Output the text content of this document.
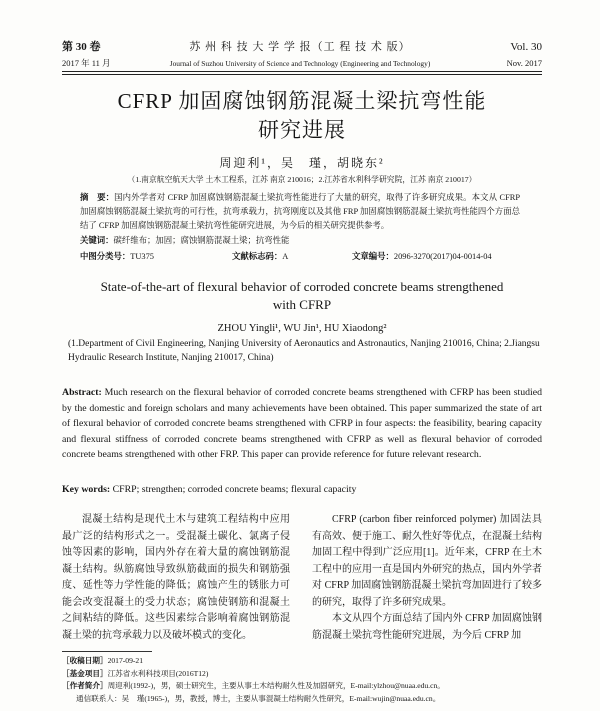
第 30 卷
2017 年 11 月
苏 州 科 技 大 学 学 报（工 程 技 术 版）
Journal of Suzhou University of Science and Technology (Engineering and Technology)
Vol. 30
Nov. 2017
CFRP 加固腐蚀钢筋混凝土梁抗弯性能
研究进展
周迎利¹，吴　瑾，胡晓东²
（1.南京航空航天大学 土木工程系，江苏 南京 210016；2.江苏省水利科学研究院，江苏 南京 210017）
摘　要：国内外学者对 CFRP 加固腐蚀钢筋混凝土梁抗弯性能进行了大量的研究，取得了许多研究成果。本文从 CFRP 加固腐蚀钢筋混凝土梁抗弯的可行性，抗弯承载力，抗弯刚度以及其他 FRP 加固腐蚀钢筋混凝土梁抗弯性能四个方面总结了 CFRP 加固腐蚀钢筋混凝土梁抗弯性能研究进展，为今后的相关研究提供参考。
关键词：碳纤维布；加固；腐蚀钢筋混凝土梁；抗弯性能
中图分类号：TU375	文献标志码：A	文章编号：2096-3270(2017)04-0014-04
State-of-the-art of flexural behavior of corroded concrete beams strengthened
with CFRP
ZHOU Yingli¹, WU Jin¹, HU Xiaodong²
(1.Department of Civil Engineering, Nanjing University of Aeronautics and Astronautics, Nanjing 210016, China; 2.Jiangsu Hydraulic Research Institute, Nanjing 210017, China)
Abstract: Much research on the flexural behavior of corroded concrete beams strengthened with CFRP has been studied by the domestic and foreign scholars and many achievements have been obtained. This paper summarized the state of art of flexural behavior of corroded concrete beams strengthened with CFRP in four aspects: the feasibility, bearing capacity and flexural stiffness of corroded concrete beams strengthened with CFRP as well as flexural behavior of corroded concrete beams strengthened with other FRP. This paper can provide reference for future relevant research.
Key words: CFRP; strengthen; corroded concrete beams; flexural capacity

混凝土结构是现代土木与建筑工程结构中应用最广泛的结构形式之一。受混凝土碳化、氯离子侵蚀等因素的影响，国内外存在着大量的腐蚀钢筋混凝土结构。纵筋腐蚀导致纵筋截面的损失和钢筋强度、延性等力学性能的降低；腐蚀产生的锈胀力可能会改变混凝土的受力状态；腐蚀使钢筋和混凝土之间粘结的降低。这些因素综合影响着腐蚀钢筋混凝土梁的抗弯承载力以及破坏模式的变化。

CFRP (carbon fiber reinforced polymer) 加固法具有高效、便于施工、耐久性好等优点，在混凝土结构加固工程中得到广泛应用[1]。近年来，CFRP 在土木工程中的应用一直是国内外研究的热点，国内外学者对 CFRP 加固腐蚀钢筋混凝土梁抗弯加固进行了较多的研究，取得了许多研究成果。

本文从四个方面总结了国内外 CFRP 加固腐蚀钢筋混凝土梁抗弯性能研究进展，为今后 CFRP 加

［收稿日期］2017-09-21
［基金项目］江苏省水利科技项目(2016T12)
［作者简介］周迎利(1992-)，男，硕士研究生，主要从事土木结构耐久性及加固研究，E-mail:ylzhou@nuaa.edu.cn。
通信联系人：吴　瑾(1965-)，男，教授，博士，主要从事混凝土结构耐久性研究，E-mail:wujin@nuaa.edu.cn。
